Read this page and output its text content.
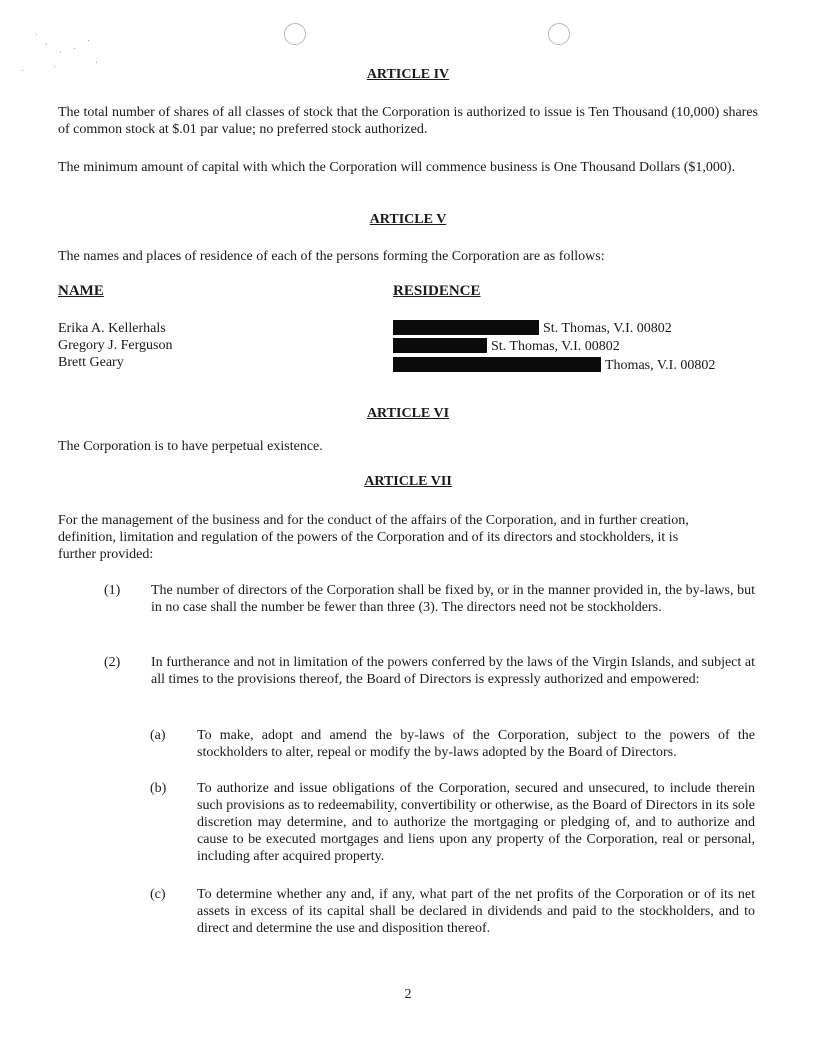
ARTICLE IV

The total number of shares of all classes of stock that the Corporation is authorized to issue is Ten Thousand (10,000) shares of common stock at $.01 par value; no preferred stock authorized.

The minimum amount of capital with which the Corporation will commence business is One Thousand Dollars ($1,000).

ARTICLE V

The names and places of residence of each of the persons forming the Corporation are as follows:

NAME	RESIDENCE
Erika A. Kellerhals
Gregory J. Ferguson
Brett Geary
St. Thomas, V.I. 00802
St. Thomas, V.I. 00802
Thomas, V.I. 00802
ARTICLE VI

The Corporation is to have perpetual existence.

ARTICLE VII

For the management of the business and for the conduct of the affairs of the Corporation, and in further creation, definition, limitation and regulation of the powers of the Corporation and of its directors and stockholders, it is further provided:

(1) The number of directors of the Corporation shall be fixed by, or in the manner provided in, the by-laws, but in no case shall the number be fewer than three (3). The directors need not be stockholders.

(2) In furtherance and not in limitation of the powers conferred by the laws of the Virgin Islands, and subject at all times to the provisions thereof, the Board of Directors is expressly authorized and empowered:

(a) To make, adopt and amend the by-laws of the Corporation, subject to the powers of the stockholders to alter, repeal or modify the by-laws adopted by the Board of Directors.

(b) To authorize and issue obligations of the Corporation, secured and unsecured, to include therein such provisions as to redeemability, convertibility or otherwise, as the Board of Directors in its sole discretion may determine, and to authorize the mortgaging or pledging of, and to authorize and cause to be executed mortgages and liens upon any property of the Corporation, real or personal, including after acquired property.

(c) To determine whether any and, if any, what part of the net profits of the Corporation or of its net assets in excess of its capital shall be declared in dividends and paid to the stockholders, and to direct and determine the use and disposition thereof.

2
